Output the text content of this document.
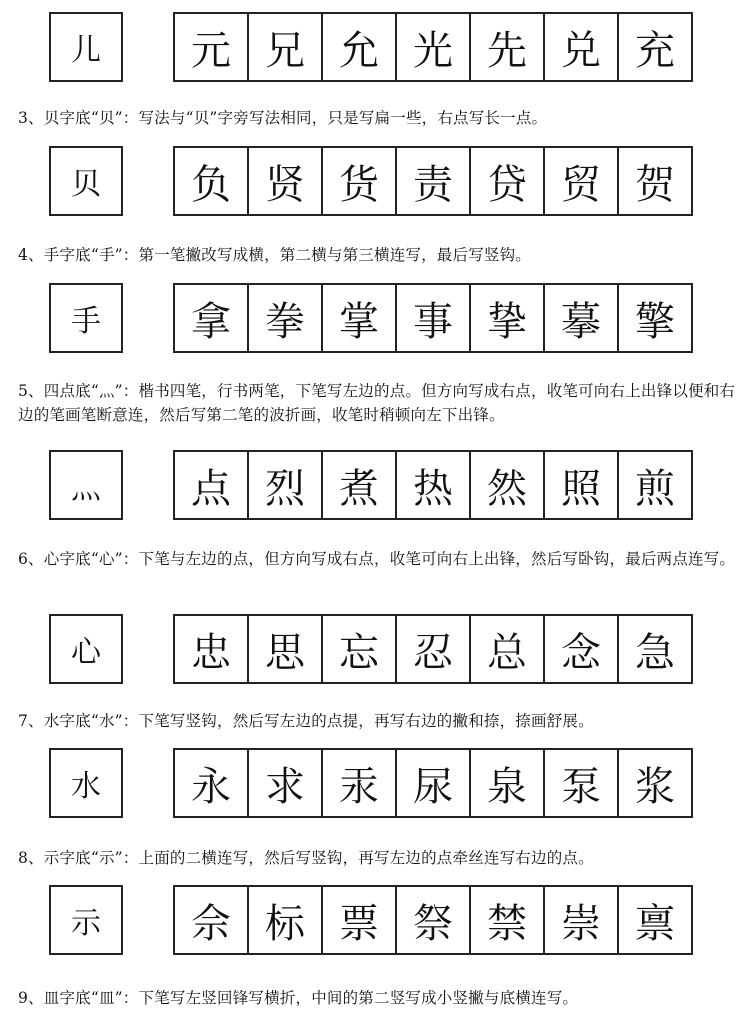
儿	元 兄 允 光 先 兑 充
3、贝字底“贝”：写法与“贝”字旁写法相同，只是写扁一些，右点写长一点。
贝	负 贤 货 责 贷 贸 贺
4、手字底“手”：第一笔撇改写成横，第二横与第三横连写，最后写竖钩。
手	拿 拳 掌 事 挚 摹 擎
5、四点底“灬”：楷书四笔，行书两笔，下笔写左边的点。但方向写成右点，收笔可向右上出锋以便和右边的笔画笔断意连，然后写第二笔的波折画，收笔时稍顿向左下出锋。
灬	点 烈 煮 热 然 照 煎
6、心字底“心”：下笔与左边的点，但方向写成右点，收笔可向右上出锋，然后写卧钩，最后两点连写。
心	忠 思 忘 忍 总 念 急
7、水字底“水”：下笔写竖钩，然后写左边的点提，再写右边的撇和捺，捺画舒展。
水	永 求 汞 尿 泉 泵 浆
8、示字底“示”：上面的二横连写，然后写竖钩，再写左边的点牵丝连写右边的点。
示	佘 标 票 祭 禁 崇 禀
9、皿字底“皿”：下笔写左竖回锋写横折，中间的第二竖写成小竖撇与底横连写。
